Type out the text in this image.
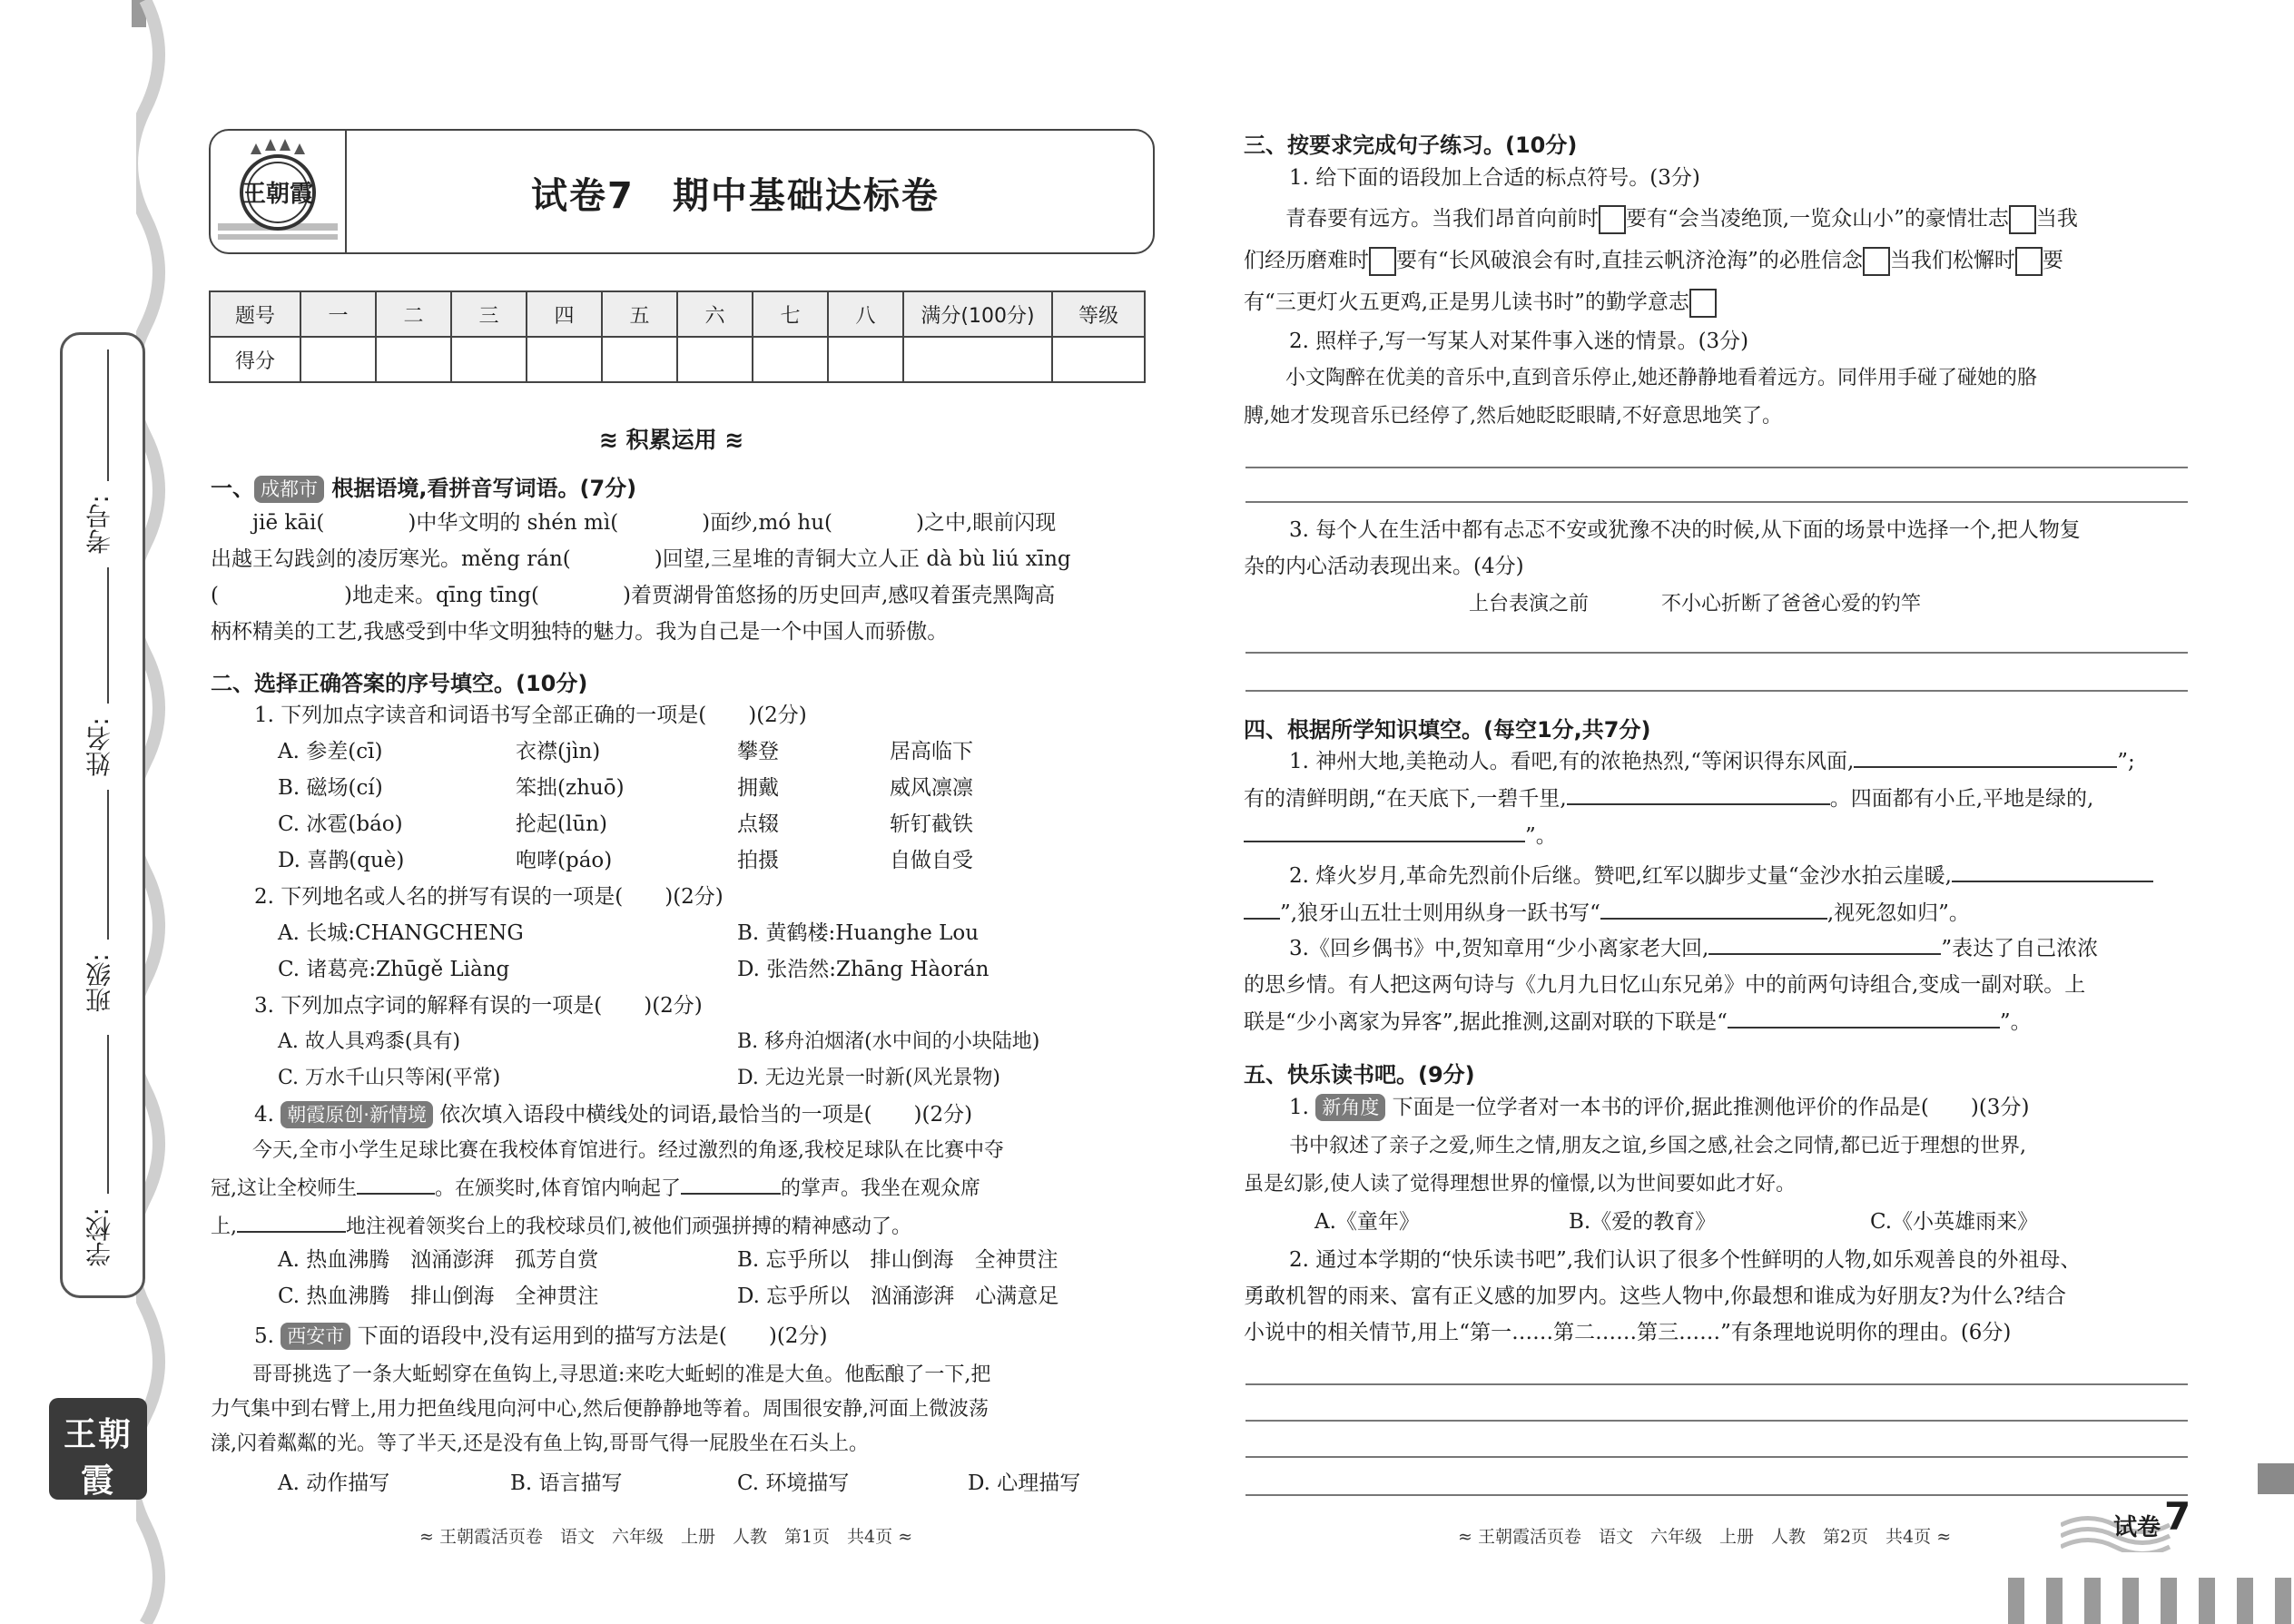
学校:
班级:
姓名:
考号:
王朝霞
活页卷
王朝霞	试卷7　期中基础达标卷
题号	一	二	三	四	五	六	七	八	满分(100分)	等级
得分										
≋ 积累运用 ≋
一、 成都市 根据语境,看拼音写词语。(7分)
jiē kāi(　　　　)中华文明的 shén mì(　　　　)面纱,mó hu(　　　　)之中,眼前闪现
出越王勾践剑的凌厉寒光。měng rán(　　　　)回望,三星堆的青铜大立人正 dà bù liú xīng
(　　　　　　)地走来。qīng tīng(　　　　)着贾湖骨笛悠扬的历史回声,感叹着蛋壳黑陶高
柄杯精美的工艺,我感受到中华文明独特的魅力。我为自己是一个中国人而骄傲。
二、选择正确答案的序号填空。(10分)
1. 下列加点字读音和词语书写全部正确的一项是(　　)(2分)
A. 参差(cī)	衣襟(jìn)	攀登	居高临下
B. 磁场(cí)	笨拙(zhuō)	拥戴	威风凛凛
C. 冰雹(báo)	抡起(lūn)	点辍	斩钉截铁
D. 喜鹊(què)	咆哮(páo)	拍摄	自做自受
2. 下列地名或人名的拼写有误的一项是(　　)(2分)
A. 长城:CHANGCHENG	B. 黄鹤楼:Huanghe Lou
C. 诸葛亮:Zhūgě Liàng	D. 张浩然:Zhāng Hàorán
3. 下列加点字词的解释有误的一项是(　　)(2分)
A. 故人具鸡黍(具有)	B. 移舟泊烟渚(水中间的小块陆地)
C. 万水千山只等闲(平常)	D. 无边光景一时新(风光景物)
4. 朝霞原创·新情境 依次填入语段中横线处的词语,最恰当的一项是(　　)(2分)
今天,全市小学生足球比赛在我校体育馆进行。经过激烈的角逐,我校足球队在比赛中夺
冠,这让全校师生	。在颁奖时,体育馆内响起了	的掌声。我坐在观众席
上,	地注视着领奖台上的我校球员们,被他们顽强拼搏的精神感动了。
A. 热血沸腾　汹涌澎湃　孤芳自赏	B. 忘乎所以　排山倒海　全神贯注
C. 热血沸腾　排山倒海　全神贯注	D. 忘乎所以　汹涌澎湃　心满意足
5. 西安市 下面的语段中,没有运用到的描写方法是(　　)(2分)
哥哥挑选了一条大蚯蚓穿在鱼钩上,寻思道:来吃大蚯蚓的准是大鱼。他酝酿了一下,把
力气集中到右臂上,用力把鱼线甩向河中心,然后便静静地等着。周围很安静,河面上微波荡
漾,闪着粼粼的光。等了半天,还是没有鱼上钩,哥哥气得一屁股坐在石头上。
A. 动作描写	B. 语言描写	C. 环境描写	D. 心理描写
≈ 王朝霞活页卷　语文　六年级　上册　人教　第1页　共4页 ≈
三、按要求完成句子练习。(10分)
1. 给下面的语段加上合适的标点符号。(3分)
青春要有远方。当我们昂首向前时 要有“会当凌绝顶,一览众山小”的豪情壮志 当我
们经历磨难时 要有“长风破浪会有时,直挂云帆济沧海”的必胜信念 当我们松懈时 要
有“三更灯火五更鸡,正是男儿读书时”的勤学意志
2. 照样子,写一写某人对某件事入迷的情景。(3分)
小文陶醉在优美的音乐中,直到音乐停止,她还静静地看着远方。同伴用手碰了碰她的胳
膊,她才发现音乐已经停了,然后她眨眨眼睛,不好意思地笑了。
3. 每个人在生活中都有忐忑不安或犹豫不决的时候,从下面的场景中选择一个,把人物复
杂的内心活动表现出来。(4分)
上台表演之前	不小心折断了爸爸心爱的钓竿
四、根据所学知识填空。(每空1分,共7分)
1. 神州大地,美艳动人。看吧,有的浓艳热烈,“等闲识得东风面,	”;
有的清鲜明朗,“在天底下,一碧千里,	。四面都有小丘,平地是绿的,
”。
2. 烽火岁月,革命先烈前仆后继。赞吧,红军以脚步丈量“金沙水拍云崖暖,
”,狼牙山五壮士则用纵身一跃书写“	,视死忽如归”。
3.《回乡偶书》中,贺知章用“少小离家老大回,	”表达了自己浓浓
的思乡情。有人把这两句诗与《九月九日忆山东兄弟》中的前两句诗组合,变成一副对联。上
联是“少小离家为异客”,据此推测,这副对联的下联是“	”。
五、快乐读书吧。(9分)
1. 新角度 下面是一位学者对一本书的评价,据此推测他评价的作品是(　　)(3分)
书中叙述了亲子之爱,师生之情,朋友之谊,乡国之感,社会之同情,都已近于理想的世界,
虽是幻影,使人读了觉得理想世界的憧憬,以为世间要如此才好。
A.《童年》	B.《爱的教育》	C.《小英雄雨来》
2. 通过本学期的“快乐读书吧”,我们认识了很多个性鲜明的人物,如乐观善良的外祖母、
勇敢机智的雨来、富有正义感的加罗内。这些人物中,你最想和谁成为好朋友?为什么?结合
小说中的相关情节,用上“第一……第二……第三……”有条理地说明你的理由。(6分)
≈ 王朝霞活页卷　语文　六年级　上册　人教　第2页　共4页 ≈	试卷 7
